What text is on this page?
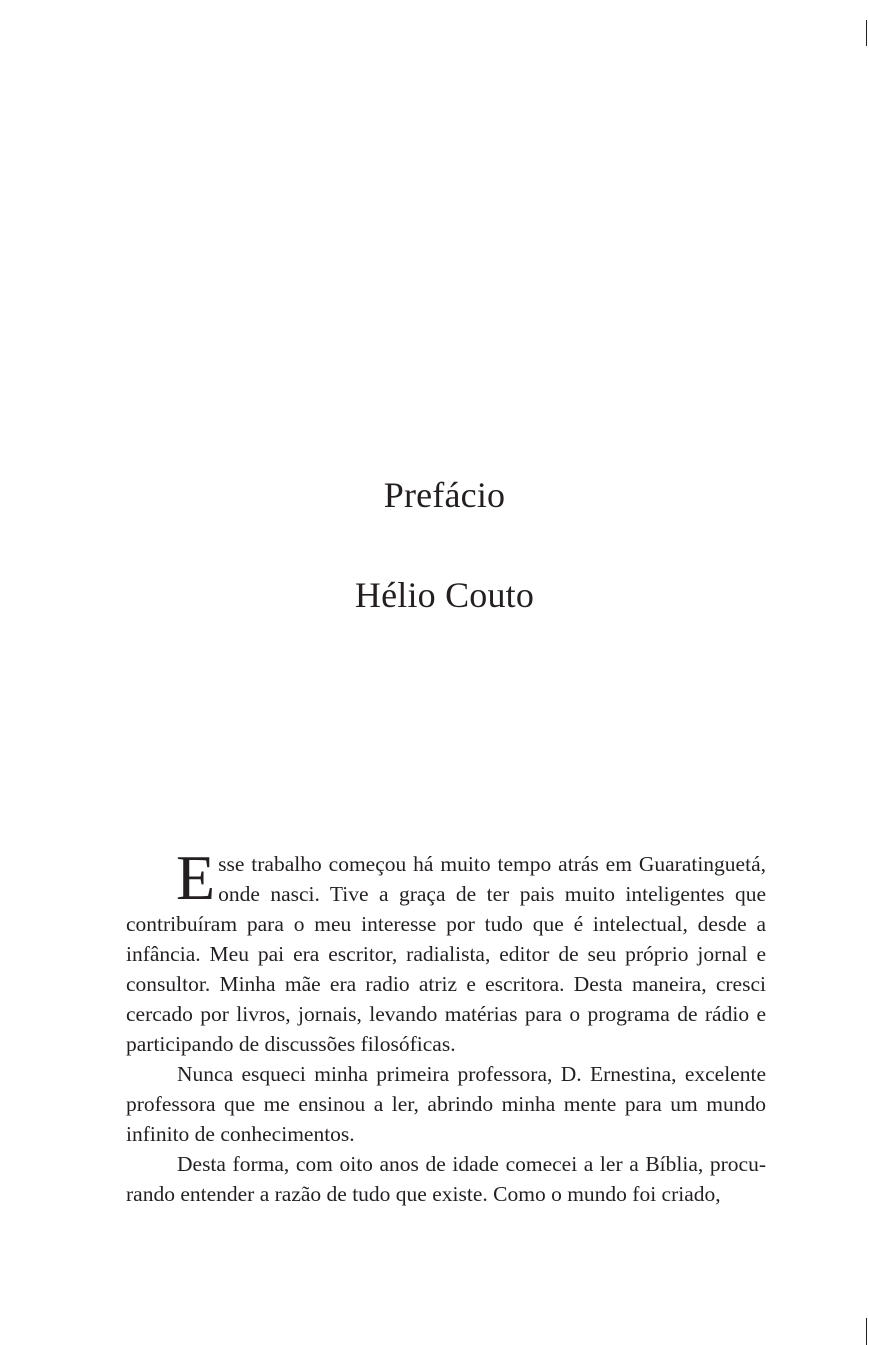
Prefácio
Hélio Couto

Esse trabalho começou há muito tempo atrás em Guaratinguetá, onde nasci. Tive a graça de ter pais muito inteligentes que contribuíram para o meu interesse por tudo que é intelectual, desde a infância. Meu pai era escritor, radialista, editor de seu próprio jornal e consultor. Minha mãe era radio atriz e escritora. Desta maneira, cresci cercado por livros, jornais, levando matérias para o programa de rádio e participando de discussões filosóficas.

Nunca esqueci minha primeira professora, D. Ernestina, excelente professora que me ensinou a ler, abrindo minha mente para um mundo infinito de conhecimentos.

Desta forma, com oito anos de idade comecei a ler a Bíblia, procurando entender a razão de tudo que existe. Como o mundo foi criado,
